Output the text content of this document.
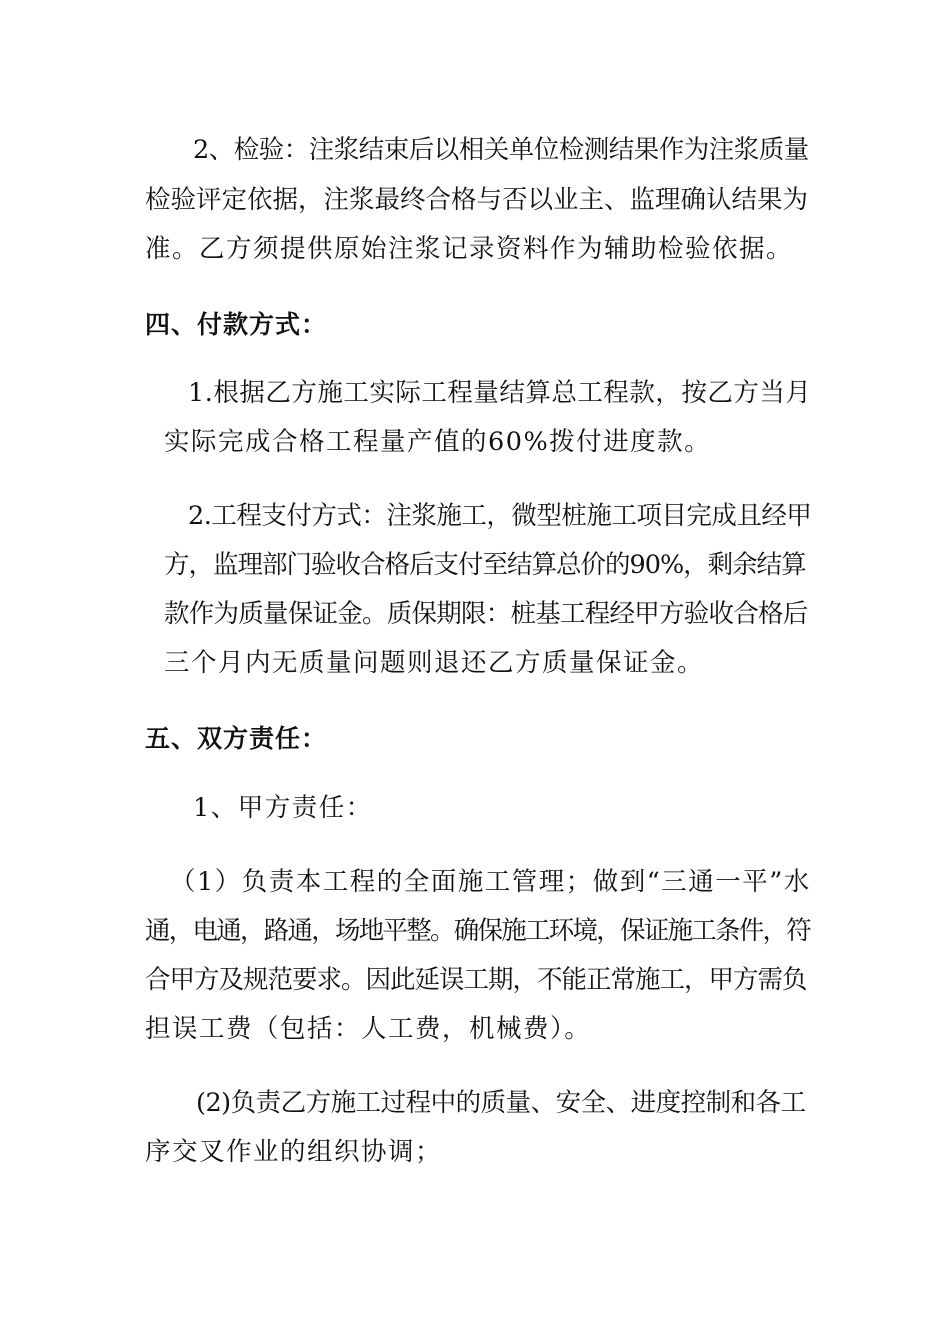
2、检验：注浆结束后以相关单位检测结果作为注浆质量
检验评定依据，注浆最终合格与否以业主、监理确认结果为
准。乙方须提供原始注浆记录资料作为辅助检验依据。
四、付款方式：
1.根据乙方施工实际工程量结算总工程款，按乙方当月
实际完成合格工程量产值的60%拨付进度款。
2.工程支付方式：注浆施工，微型桩施工项目完成且经甲
方，监理部门验收合格后支付至结算总价的90%，剩余结算
款作为质量保证金。质保期限：桩基工程经甲方验收合格后
三个月内无质量问题则退还乙方质量保证金。
五、双方责任：
1、甲方责任：
（1）负责本工程的全面施工管理；做到“三通一平”水
通，电通，路通，场地平整。确保施工环境，保证施工条件，符
合甲方及规范要求。因此延误工期，不能正常施工，甲方需负
担误工费（包括：人工费，机械费）。
(2)负责乙方施工过程中的质量、安全、进度控制和各工
序交叉作业的组织协调；
